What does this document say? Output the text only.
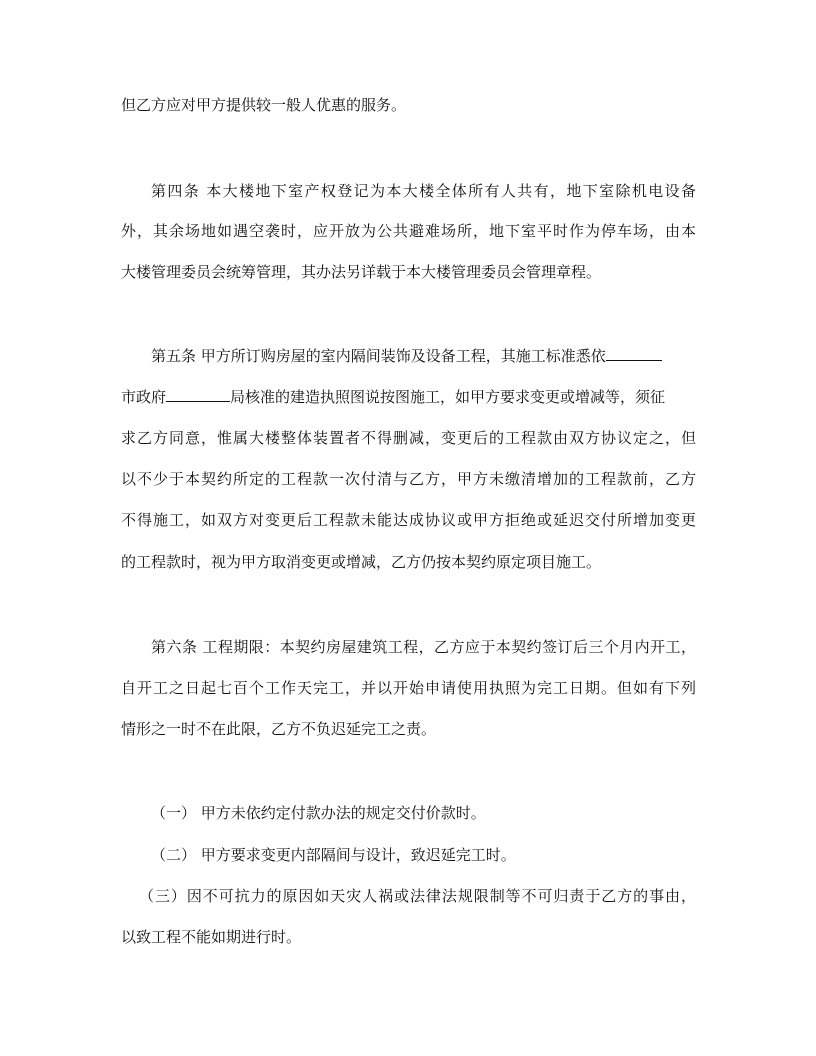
但乙方应对甲方提供较一般人优惠的服务。
第四条 本大楼地下室产权登记为本大楼全体所有人共有，地下室除机电设备
外，其余场地如遇空袭时，应开放为公共避难场所，地下室平时作为停车场，由本
大楼管理委员会统筹管理，其办法另详载于本大楼管理委员会管理章程。
第五条 甲方所订购房屋的室内隔间装饰及设备工程，其施工标准悉依
市政府	局核准的建造执照图说按图施工，如甲方要求变更或增减等，须征
求乙方同意，惟属大楼整体装置者不得删减，变更后的工程款由双方协议定之，但
以不少于本契约所定的工程款一次付清与乙方，甲方未缴清增加的工程款前，乙方
不得施工，如双方对变更后工程款未能达成协议或甲方拒绝或延迟交付所增加变更
的工程款时，视为甲方取消变更或增减，乙方仍按本契约原定项目施工。
第六条 工程期限：本契约房屋建筑工程，乙方应于本契约签订后三个月内开工，
自开工之日起七百个工作天完工，并以开始申请使用执照为完工日期。但如有下列
情形之一时不在此限，乙方不负迟延完工之责。
（一） 甲方未依约定付款办法的规定交付价款时。
（二） 甲方要求变更内部隔间与设计，致迟延完工时。
（三）因不可抗力的原因如天灾人祸或法律法规限制等不可归责于乙方的事由，
以致工程不能如期进行时。
